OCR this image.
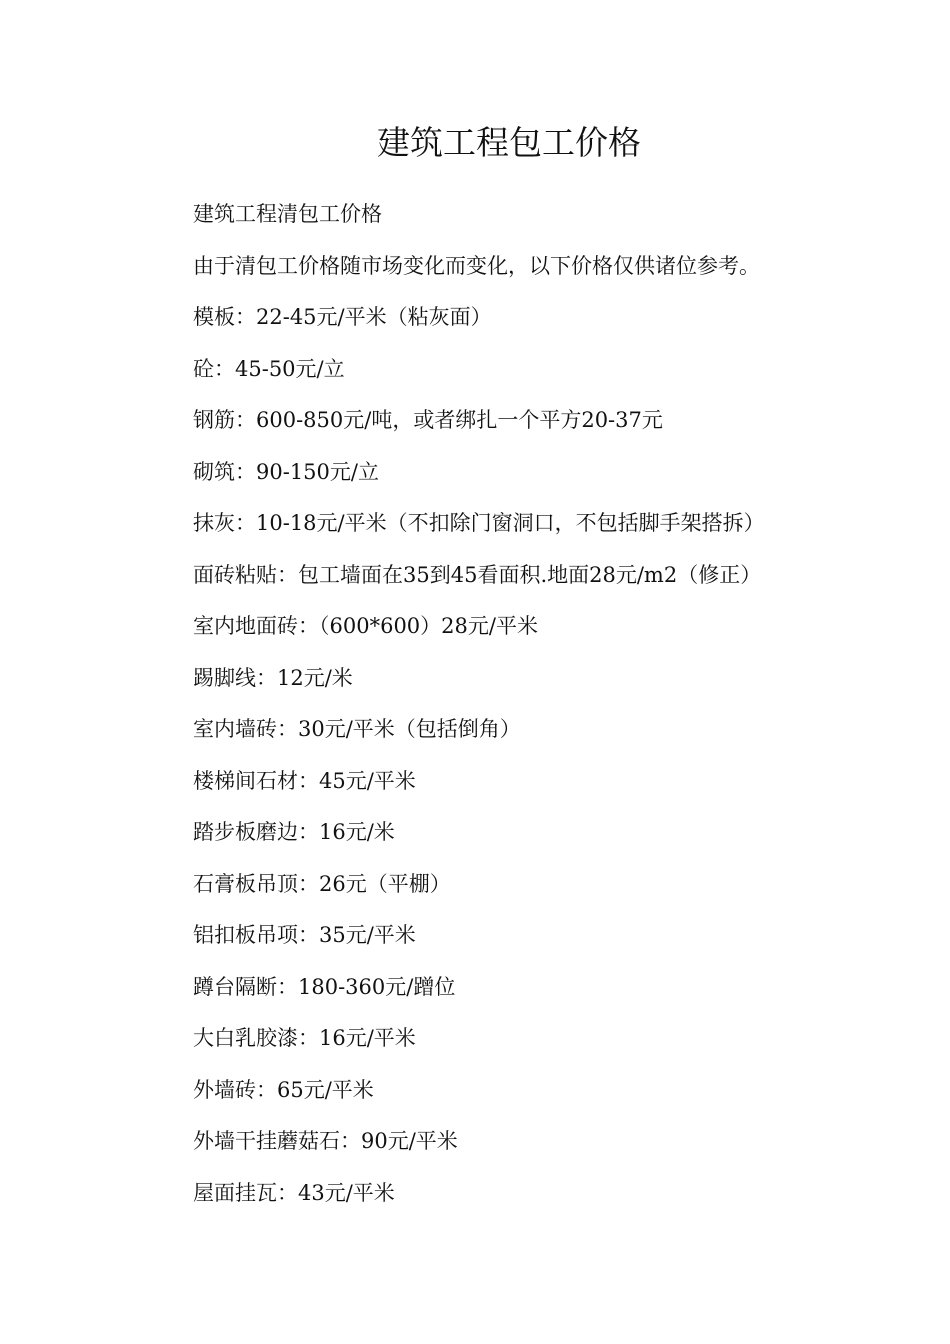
建筑工程包工价格
建筑工程清包工价格
由于清包工价格随市场变化而变化，以下价格仅供诸位参考。
模板：22-45元/平米（粘灰面）
砼：45-50元/立
钢筋：600-850元/吨，或者绑扎一个平方20-37元
砌筑：90-150元/立
抹灰：10-18元/平米（不扣除门窗洞口，不包括脚手架搭拆）
面砖粘贴：包工墙面在35到45看面积.地面28元/m2（修正）
室内地面砖：（600*600）28元/平米
踢脚线：12元/米
室内墙砖：30元/平米（包括倒角）
楼梯间石材：45元/平米
踏步板磨边：16元/米
石膏板吊顶：26元（平棚）
铝扣板吊项：35元/平米
蹲台隔断：180-360元/蹭位
大白乳胶漆：16元/平米
外墙砖：65元/平米
外墙干挂蘑菇石：90元/平米
屋面挂瓦：43元/平米
